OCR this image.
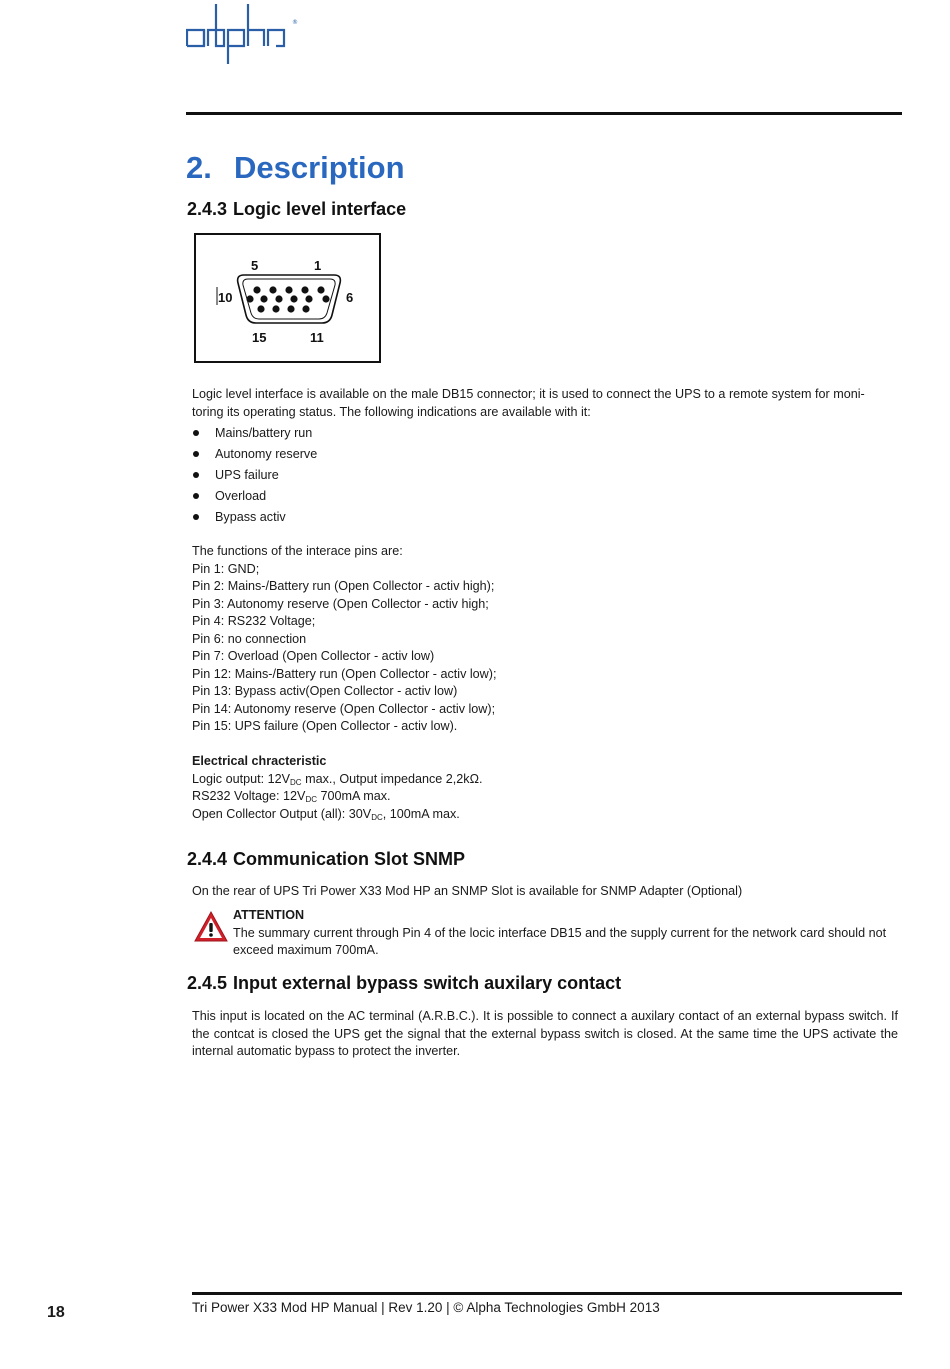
®
2. Description
2.4.3 Logic level interface
5	1
10	6
15	11
Logic level interface is available on the male DB15 connector; it is used to connect the UPS to a remote system for moni-
toring its operating status. The following indications are available with it:
Mains/battery run
Autonomy reserve
UPS failure
Overload
Bypass activ
The functions of the interace pins are:
Pin 1: GND;
Pin 2: Mains-/Battery run (Open Collector - activ high);
Pin 3: Autonomy reserve (Open Collector - activ high;
Pin 4: RS232 Voltage;
Pin 6: no connection
Pin 7: Overload (Open Collector - activ low)
Pin 12: Mains-/Battery run (Open Collector - activ low);
Pin 13: Bypass activ(Open Collector - activ low)
Pin 14: Autonomy reserve (Open Collector - activ low);
Pin 15: UPS failure (Open Collector - activ low).
Electrical chracteristic
Logic output: $12V_{DC}$ max., Output impedance 2,2kΩ.
RS232 Voltage: $12V_{DC}$ 700mA max.
Open Collector Output (all): $30V_{DC}$, 100mA max.
2.4.4 Communication Slot SNMP
On the rear of UPS Tri Power X33 Mod HP an SNMP Slot is available for SNMP Adapter (Optional)
ATTENTION
The summary current through Pin 4 of the locic interface DB15 and the supply current for the network card should not exceed maximum 700mA.
2.4.5 Input external bypass switch auxilary contact
This input is located on the AC terminal (A.R.B.C.). It is possible to connect a auxilary contact of an external bypass switch. If the contcat is closed the UPS get the signal that the external bypass switch is closed. At the same time the UPS activate the internal automatic bypass to protect the inverter.
Tri Power X33 Mod HP Manual | Rev 1.20 | © Alpha Technologies GmbH 2013
18
